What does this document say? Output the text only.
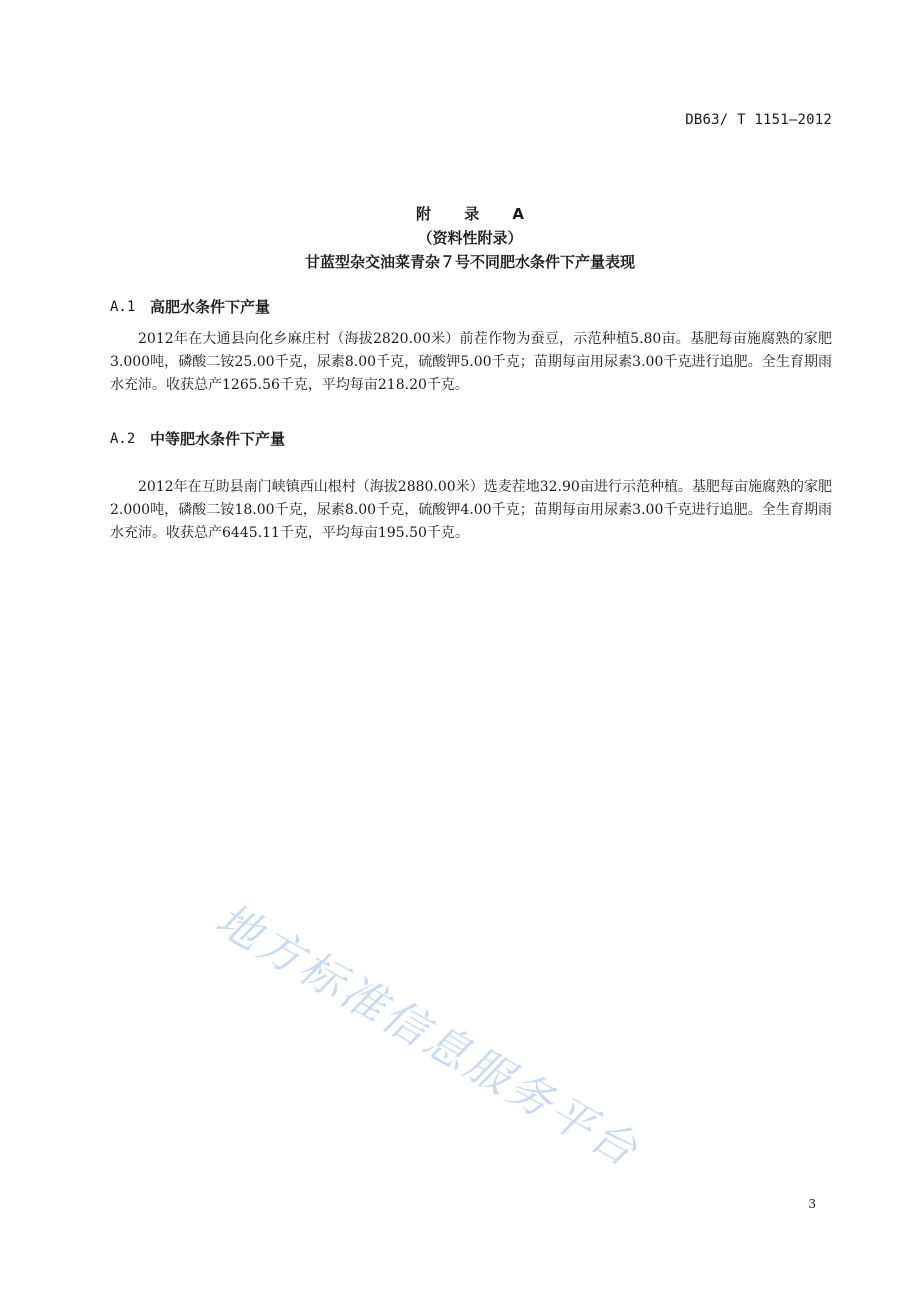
DB63/ T 1151—2012
附 录 A
（资料性附录）
甘蓝型杂交油菜青杂７号不同肥水条件下产量表现
A.1 高肥水条件下产量

2012年在大通县向化乡麻庄村（海拔2820.00米）前茬作物为蚕豆，示范种植5.80亩。基肥每亩施腐熟的家肥3.000吨，磷酸二铵25.00千克，尿素8.00千克，硫酸钾5.00千克；苗期每亩用尿素3.00千克进行追肥。全生育期雨水充沛。收获总产1265.56千克，平均每亩218.20千克。

A.2 中等肥水条件下产量

2012年在互助县南门峡镇西山根村（海拔2880.00米）选麦茬地32.90亩进行示范种植。基肥每亩施腐熟的家肥2.000吨，磷酸二铵18.00千克，尿素8.00千克，硫酸钾4.00千克；苗期每亩用尿素3.00千克进行追肥。全生育期雨水充沛。收获总产6445.11千克，平均每亩195.50千克。

地方标准信息服务平台
3
